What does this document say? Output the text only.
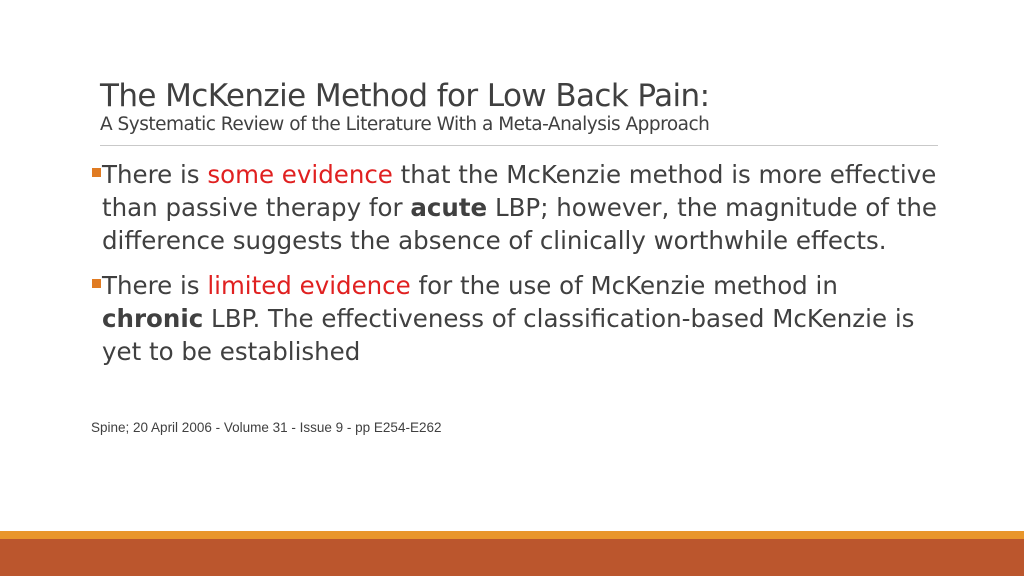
The McKenzie Method for Low Back Pain:
A Systematic Review of the Literature With a Meta-Analysis Approach
There is some evidence that the McKenzie method is more effective than passive therapy for acute LBP; however, the magnitude of the difference suggests the absence of clinically worthwhile effects.
There is limited evidence for the use of McKenzie method in chronic LBP. The effectiveness of classification-based McKenzie is yet to be established
Spine; 20 April 2006 - Volume 31 - Issue 9 - pp E254-E262
